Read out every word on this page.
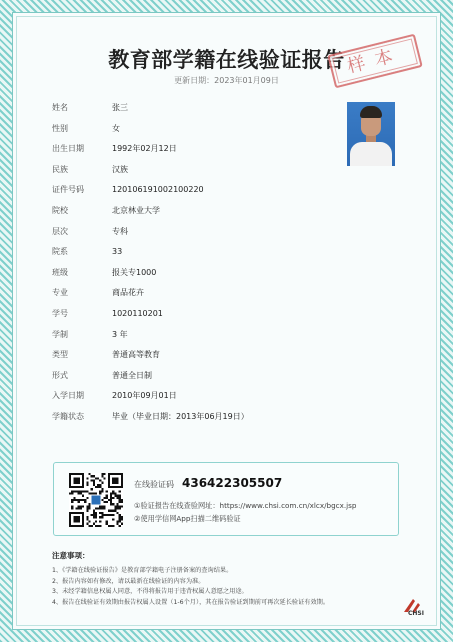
教育部学籍在线验证报告
更新日期：2023年01月09日
样本
姓名	张三
性别	女
出生日期	1992年02月12日
民族	汉族
证件号码	120106191002100220
院校	北京林业大学
层次	专科
院系	33
班级	报关专1000
专业	商品花卉
学号	1020110201
学制	3 年
类型	普通高等教育
形式	普通全日制
入学日期	2010年09月01日
学籍状态	毕业（毕业日期：2013年06月19日）
在线验证码 436422305507
①验证报告在线查验网址：https://www.chsi.com.cn/xlcx/bgcx.jsp
②使用学信网App扫描二维码验证
注意事项：
1、《学籍在线验证报告》是教育部学籍电子注册备案的查询结果。
2、报告内容如有修改，请以最新在线验证的内容为准。
3、未经学籍信息权属人同意，不得将报告用于违背权属人意愿之用途。
4、报告在线验证有效期由报告权属人设置（1-6个月），其在报告验证到期前可再次延长验证有效期。
CHSI
